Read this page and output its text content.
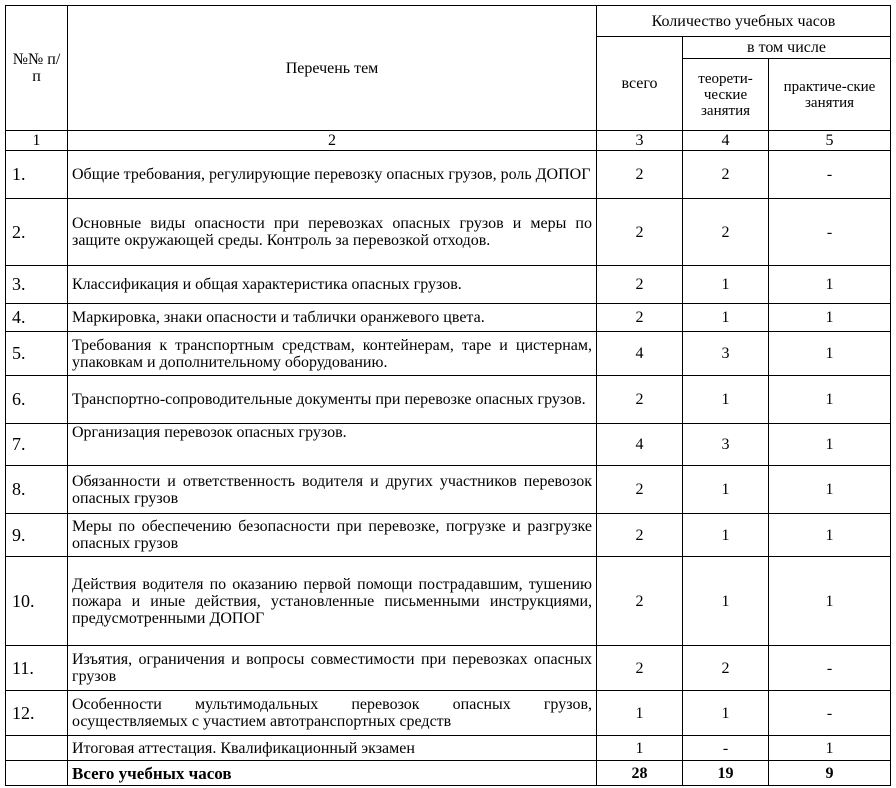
№№ п/п	Перечень тем	Количество учебных часов		
		всего	в том числе	
			теорети-ческие занятия	практиче-ские занятия
1	2	3	4	5
1.	Общие требования, регулирующие перевозку опасных грузов, роль ДОПОГ	2	2	-
2.	Основные виды опасности при перевозках опасных грузов и меры по защите окружающей среды. Контроль за перевозкой отходов.	2	2	-
3.	Классификация и общая характеристика опасных грузов.	2	1	1
4.	Маркировка, знаки опасности и таблички оранжевого цвета.	2	1	1
5.	Требования к транспортным средствам, контейнерам, таре и цистернам, упаковкам и дополнительному оборудованию.	4	3	1
6.	Транспортно-сопроводительные документы при перевозке опасных грузов.	2	1	1
7.	Организация перевозок опасных грузов.	4	3	1
8.	Обязанности и ответственность водителя и других участников перевозок опасных грузов	2	1	1
9.	Меры по обеспечению безопасности при перевозке, погрузке и разгрузке опасных грузов	2	1	1
10.	Действия водителя по оказанию первой помощи пострадавшим, тушению пожара и иные действия, установленные письменными инструкциями, предусмотренными ДОПОГ	2	1	1
11.	Изъятия, ограничения и вопросы совместимости при перевозках опасных грузов	2	2	-
12.	Особенности мультимодальных перевозок опасных грузов, осуществляемых с участием автотранспортных средств	1	1	-
	Итоговая аттестация. Квалификационный экзамен	1	-	1
	Всего учебных часов	28	19	9
